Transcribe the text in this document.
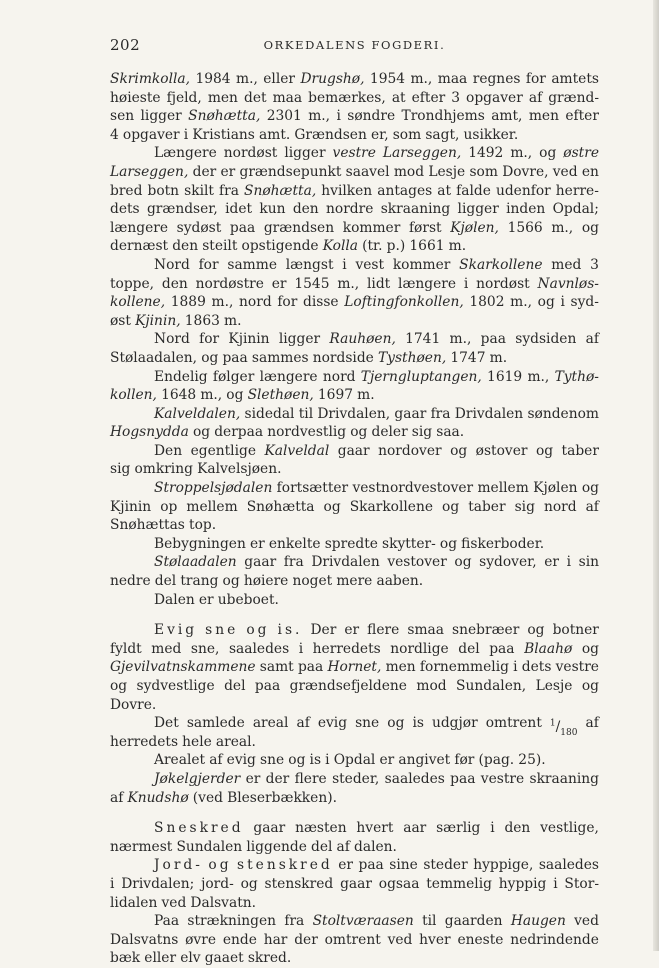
202	ORKEDALENS FOGDERI.
Skrimkolla, 1984 m., eller Drugshø, 1954 m., maa regnes for amtets
høieste fjeld, men det maa bemærkes, at efter 3 opgaver af grænd-
sen ligger Snøhætta, 2301 m., i søndre Trondhjems amt, men efter
4 opgaver i Kristians amt. Grændsen er, som sagt, usikker.
Længere nordøst ligger vestre Larseggen, 1492 m., og østre
Larseggen, der er grændsepunkt saavel mod Lesje som Dovre, ved en
bred botn skilt fra Snøhætta, hvilken antages at falde udenfor herre-
dets grændser, idet kun den nordre skraaning ligger inden Opdal;
længere sydøst paa grændsen kommer først Kjølen, 1566 m., og
dernæst den steilt opstigende Kolla (tr. p.) 1661 m.
Nord for samme længst i vest kommer Skarkollene med 3
toppe, den nordøstre er 1545 m., lidt længere i nordøst Navnløs-
kollene, 1889 m., nord for disse Loftingfonkollen, 1802 m., og i syd-
øst Kjinin, 1863 m.
Nord for Kjinin ligger Rauhøen, 1741 m., paa sydsiden af
Stølaadalen, og paa sammes nordside Tysthøen, 1747 m.
Endelig følger længere nord Tjerngluptangen, 1619 m., Tythø-
kollen, 1648 m., og Slethøen, 1697 m.
Kalveldalen, sidedal til Drivdalen, gaar fra Drivdalen søndenom
Hogsnydda og derpaa nordvestlig og deler sig saa.
Den egentlige Kalveldal gaar nordover og østover og taber
sig omkring Kalvelsjøen.
Stroppelsjødalen fortsætter vestnordvestover mellem Kjølen og
Kjinin op mellem Snøhætta og Skarkollene og taber sig nord af
Snøhættas top.
Bebygningen er enkelte spredte skytter- og fiskerboder.
Stølaadalen gaar fra Drivdalen vestover og sydover, er i sin
nedre del trang og høiere noget mere aaben.
Dalen er ubeboet.
Evig sne og is. Der er flere smaa snebræer og botner
fyldt med sne, saaledes i herredets nordlige del paa Blaahø og
Gjevilvatnskammene samt paa Hornet, men fornemmelig i dets vestre
og sydvestlige del paa grændsefjeldene mod Sundalen, Lesje og
Dovre.
Det samlede areal af evig sne og is udgjør omtrent $^1/_{180}$
af
herredets hele areal.
Arealet af evig sne og is i Opdal er angivet før (pag. 25).
Jøkelgjerder er der flere steder, saaledes paa vestre skraaning
af Knudshø (ved Bleserbækken).
Sneskred gaar næsten hvert aar særlig i den vestlige,
nærmest Sundalen liggende del af dalen.
Jord- og stenskred er paa sine steder hyppige, saaledes
i Drivdalen; jord- og stenskred gaar ogsaa temmelig hyppig i Stor-
lidalen ved Dalsvatn.
Paa strækningen fra Stoltværaasen til gaarden Haugen ved
Dalsvatns øvre ende har der omtrent ved hver eneste nedrindende
bæk eller elv gaaet skred.
